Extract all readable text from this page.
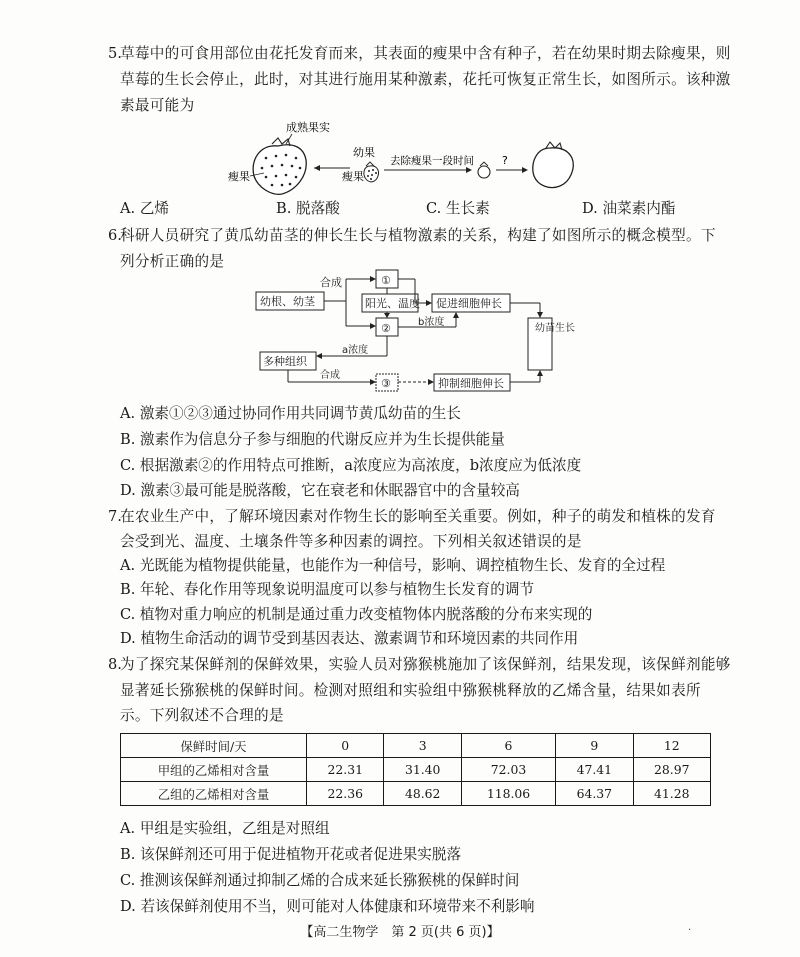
5.
草莓中的可食用部位由花托发育而来，其表面的瘦果中含有种子，若在幼果时期去除瘦果，则
草莓的生长会停止，此时，对其进行施用某种激素，花托可恢复正常生长，如图所示。该种激
素最可能为
成熟果实
瘦果
幼果
瘦果
去除瘦果一段时间	?
A. 乙烯	B. 脱落酸	C. 生长素	D. 油菜素内酯
6.
科研人员研究了黄瓜幼苗茎的伸长生长与植物激素的关系，构建了如图所示的概念模型。下
列分析正确的是
幼根、幼茎
合成	①
阳光、温度
②
促进细胞伸长
b浓度
幼苗生长
多种组织
a浓度
合成
③	抑制细胞伸长
A. 激素①②③通过协同作用共同调节黄瓜幼苗的生长
B. 激素作为信息分子参与细胞的代谢反应并为生长提供能量
C. 根据激素②的作用特点可推断，a浓度应为高浓度，b浓度应为低浓度
D. 激素③最可能是脱落酸，它在衰老和休眠器官中的含量较高
7.
在农业生产中，了解环境因素对作物生长的影响至关重要。例如，种子的萌发和植株的发育
会受到光、温度、土壤条件等多种因素的调控。下列相关叙述错误的是
A. 光既能为植物提供能量，也能作为一种信号，影响、调控植物生长、发育的全过程
B. 年轮、春化作用等现象说明温度可以参与植物生长发育的调节
C. 植物对重力响应的机制是通过重力改变植物体内脱落酸的分布来实现的
D. 植物生命活动的调节受到基因表达、激素调节和环境因素的共同作用
8.
为了探究某保鲜剂的保鲜效果，实验人员对猕猴桃施加了该保鲜剂，结果发现，该保鲜剂能够
显著延长猕猴桃的保鲜时间。检测对照组和实验组中猕猴桃释放的乙烯含量，结果如表所
示。下列叙述不合理的是
保鲜时间/天	0	3	6	9	12
甲组的乙烯相对含量	22.31	31.40	72.03	47.41	28.97
乙组的乙烯相对含量	22.36	48.62	118.06	64.37	41.28
A. 甲组是实验组，乙组是对照组
B. 该保鲜剂还可用于促进植物开花或者促进果实脱落
C. 推测该保鲜剂通过抑制乙烯的合成来延长猕猴桃的保鲜时间
D. 若该保鲜剂使用不当，则可能对人体健康和环境带来不利影响
【高二生物学　第 2 页(共 6 页)】	·
